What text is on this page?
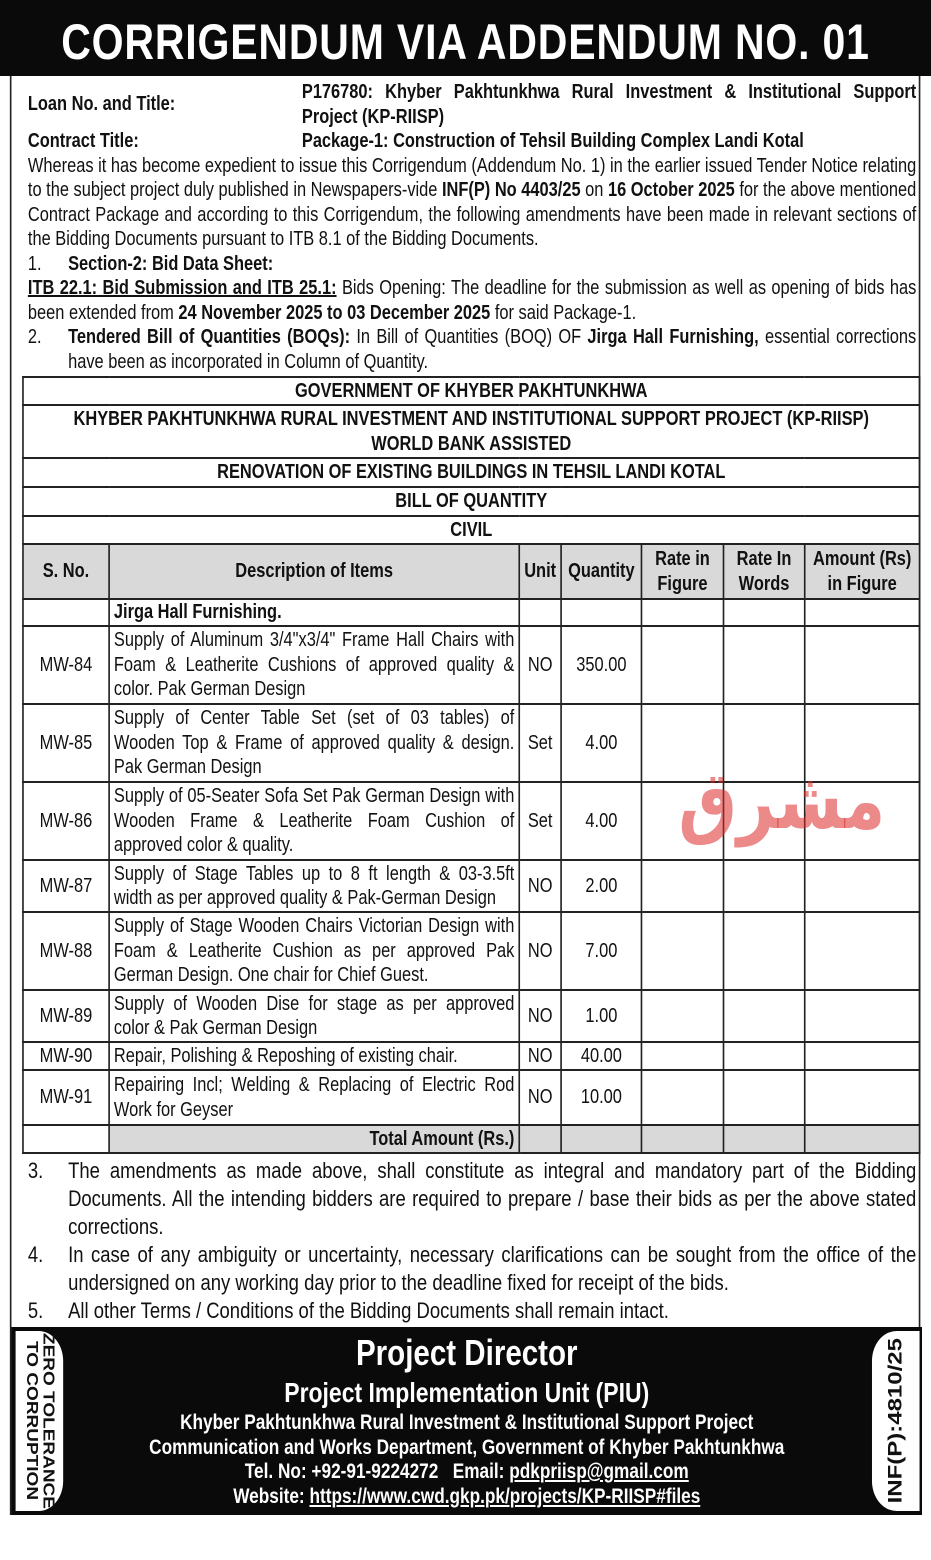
CORRIGENDUM VIA ADDENDUM NO. 01
Loan No. and Title:
P176780: Khyber Pakhtunkhwa Rural Investment & Institutional Support Project (KP-RIISP)
Contract Title:	Package-1: Construction of Tehsil Building Complex Landi Kotal
Whereas it has become expedient to issue this Corrigendum (Addendum No. 1) in the earlier issued Tender Notice relating to the subject project duly published in Newspapers-vide INF(P) No 4403/25 on 16 October 2025 for the above mentioned Contract Package and according to this Corrigendum, the following amendments have been made in relevant sections of the Bidding Documents pursuant to ITB 8.1 of the Bidding Documents.
1.	Section-2: Bid Data Sheet:
ITB 22.1: Bid Submission and ITB 25.1: Bids Opening: The deadline for the submission as well as opening of bids has been extended from 24 November 2025 to 03 December 2025 for said Package-1.
2.	Tendered Bill of Quantities (BOQs): In Bill of Quantities (BOQ) OF Jirga Hall Furnishing, essential corrections have been as incorporated in Column of Quantity.
GOVERNMENT OF KHYBER PAKHTUNKHWA						

KHYBER PAKHTUNKHWA RURAL INVESTMENT AND INSTITUTIONAL SUPPORT PROJECT (KP-RIISP)
WORLD BANK ASSISTED						

RENOVATION OF EXISTING BUILDINGS IN TEHSIL LANDI KOTAL						
BILL OF QUANTITY						
CIVIL						
S. No.	Description of Items	Unit	Quantity	Rate in Figure	Rate In Words	Amount (Rs) in Figure
	Jirga Hall Furnishing.					
MW-84	Supply of Aluminum 3/4"x3/4" Frame Hall Chairs with Foam & Leatherite Cushions of approved quality & color. Pak German Design	NO	350.00			
MW-85	Supply of Center Table Set (set of 03 tables) of Wooden Top & Frame of approved quality & design. Pak German Design	Set	4.00			
MW-86	Supply of 05-Seater Sofa Set Pak German Design with Wooden Frame & Leatherite Foam Cushion of approved color & quality.	Set	4.00			
MW-87	Supply of Stage Tables up to 8 ft length & 03-3.5ft width as per approved quality & Pak-German Design	NO	2.00			
MW-88	Supply of Stage Wooden Chairs Victorian Design with Foam & Leatherite Cushion as per approved Pak German Design. One chair for Chief Guest.	NO	7.00			
MW-89	Supply of Wooden Dise for stage as per approved color & Pak German Design	NO	1.00			
MW-90	Repair, Polishing & Reposhing of existing chair.	NO	40.00			
MW-91	Repairing Incl; Welding & Replacing of Electric Rod Work for Geyser	NO	10.00			
	Total Amount (Rs.)					
مشرق
3.	The amendments as made above, shall constitute as integral and mandatory part of the Bidding Documents. All the intending bidders are required to prepare / base their bids as per the above stated corrections.
4.	In case of any ambiguity or uncertainty, necessary clarifications can be sought from the office of the undersigned on any working day prior to the deadline fixed for receipt of the bids.
5.	All other Terms / Conditions of the Bidding Documents shall remain intact.
ZERO TOLERANCE
TO CORRUPTION	INF(P):4810/25
Project Director
Project Implementation Unit (PIU)
Khyber Pakhtunkhwa Rural Investment & Institutional Support Project
Communication and Works Department, Government of Khyber Pakhtunkhwa
Tel. No: +92-91-9224272 Email: pdkpriisp@gmail.com
Website: https://www.cwd.gkp.pk/projects/KP-RIISP#files
